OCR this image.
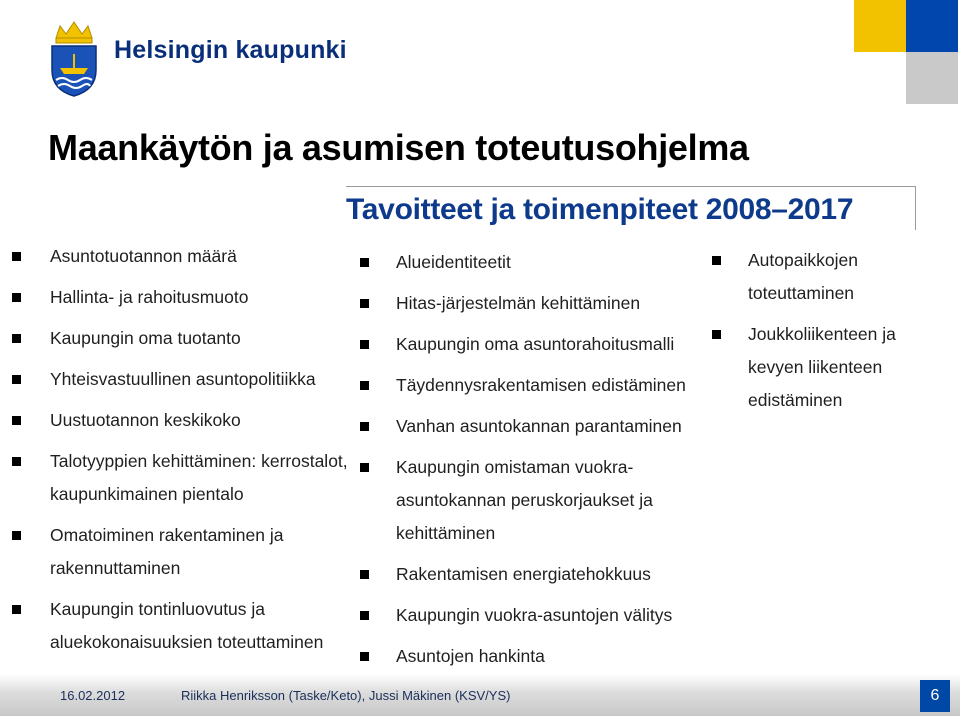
Helsingin kaupunki
Maankäytön ja asumisen toteutusohjelma
Tavoitteet ja toimenpiteet 2008–2017
Asuntotuotannon määrä
Hallinta- ja rahoitusmuoto
Kaupungin oma tuotanto
Yhteisvastuullinen asuntopolitiikka
Uustuotannon keskikoko
Talotyyppien kehittäminen: kerrostalot, kaupunkimainen pientalo
Omatoiminen rakentaminen ja rakennuttaminen
Kaupungin tontinluovutus ja aluekokonaisuuksien toteuttaminen
Alueidentiteetit
Hitas-järjestelmän kehittäminen
Kaupungin oma asuntorahoitusmalli
Täydennysrakentamisen edistäminen
Vanhan asuntokannan parantaminen
Kaupungin omistaman vuokra-asuntokannan peruskorjaukset ja kehittäminen
Rakentamisen energiatehokkuus
Kaupungin vuokra-asuntojen välitys
Asuntojen hankinta
Autopaikkojen toteuttaminen
Joukkoliikenteen ja kevyen liikenteen edistäminen
16.02.2012	Riikka Henriksson (Taske/Keto), Jussi Mäkinen (KSV/YS)	6
